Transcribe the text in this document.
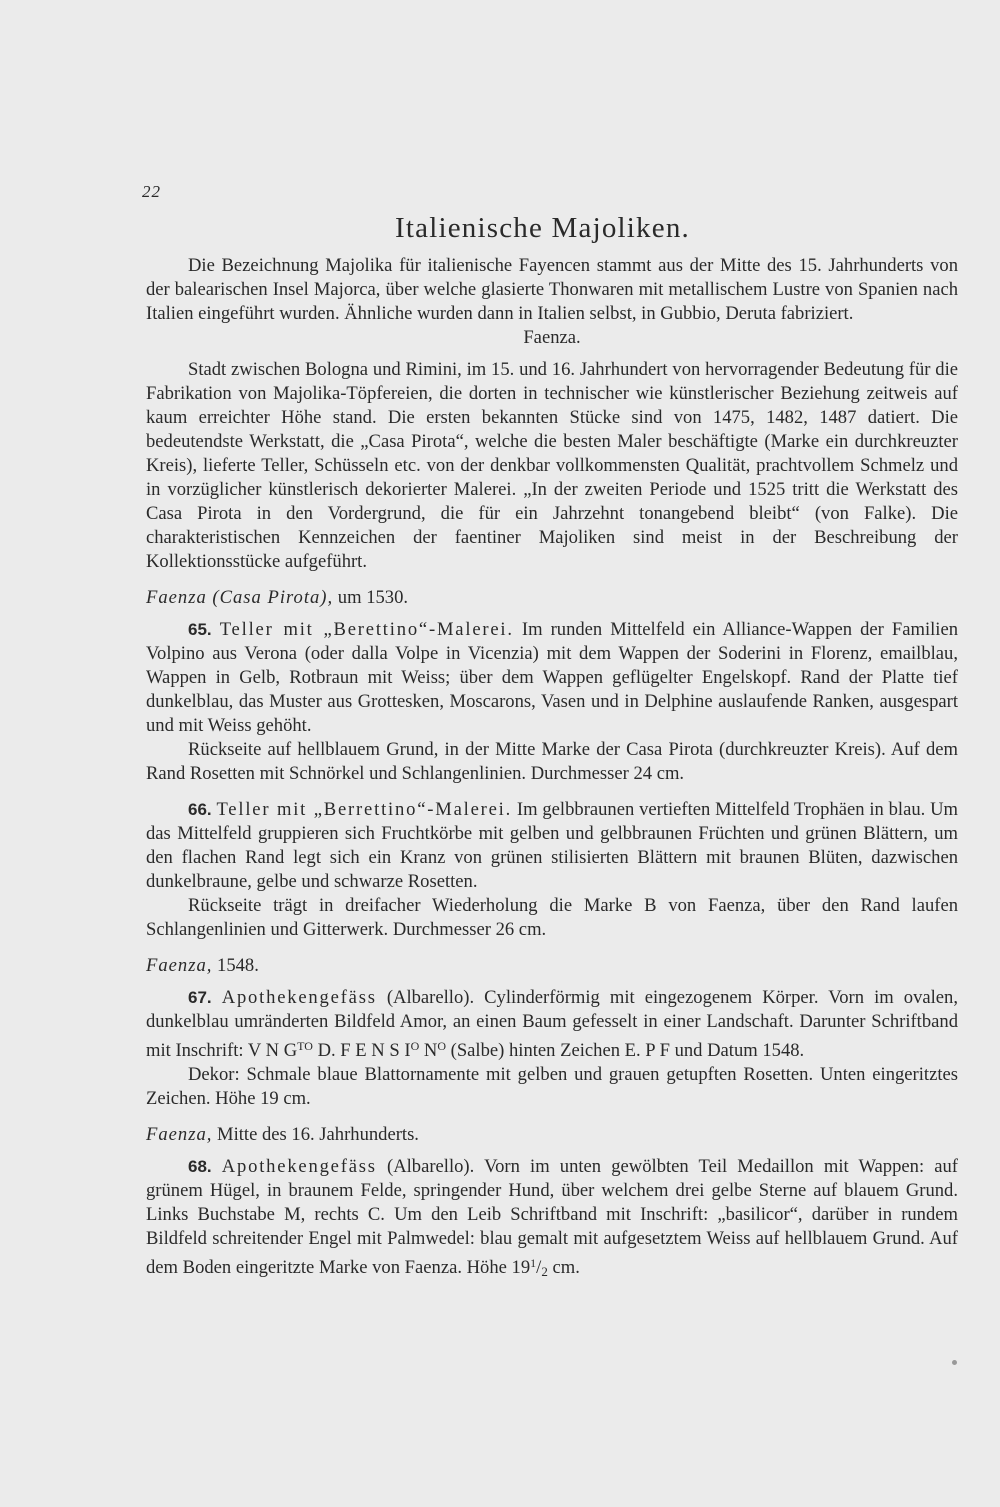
22
Italienische Majoliken.

Die Bezeichnung Majolika für italienische Fayencen stammt aus der Mitte des 15. Jahrhunderts von der balearischen Insel Majorca, über welche glasierte Thonwaren mit metallischem Lustre von Spanien nach Italien eingeführt wurden. Ähnliche wurden dann in Italien selbst, in Gubbio, Deruta fabriziert.

Faenza.

Stadt zwischen Bologna und Rimini, im 15. und 16. Jahrhundert von hervorragender Bedeutung für die Fabrikation von Majolika-Töpfereien, die dorten in technischer wie künstlerischer Beziehung zeitweis auf kaum erreichter Höhe stand. Die ersten bekannten Stücke sind von 1475, 1482, 1487 datiert. Die bedeutendste Werkstatt, die „Casa Pirota“, welche die besten Maler beschäftigte (Marke ein durchkreuzter Kreis), lieferte Teller, Schüsseln etc. von der denkbar vollkommensten Qualität, prachtvollem Schmelz und in vorzüglicher künstlerisch dekorierter Malerei. „In der zweiten Periode und 1525 tritt die Werkstatt des Casa Pirota in den Vordergrund, die für ein Jahrzehnt tonangebend bleibt“ (von Falke). Die charakteristischen Kennzeichen der faentiner Majoliken sind meist in der Beschreibung der Kollektionsstücke aufgeführt.

Faenza (Casa Pirota), um 1530.

65. Teller mit „Berettino“-Malerei. Im runden Mittelfeld ein Alliance-Wappen der Familien Volpino aus Verona (oder dalla Volpe in Vicenzia) mit dem Wappen der Soderini in Florenz, emailblau, Wappen in Gelb, Rotbraun mit Weiss; über dem Wappen geflügelter Engelskopf. Rand der Platte tief dunkelblau, das Muster aus Grottesken, Moscarons, Vasen und in Delphine auslaufende Ranken, ausgespart und mit Weiss gehöht.

Rückseite auf hellblauem Grund, in der Mitte Marke der Casa Pirota (durchkreuzter Kreis). Auf dem Rand Rosetten mit Schnörkel und Schlangenlinien. Durchmesser 24 cm.

66. Teller mit „Berrettino“-Malerei. Im gelbbraunen vertieften Mittelfeld Trophäen in blau. Um das Mittelfeld gruppieren sich Fruchtkörbe mit gelben und gelbbraunen Früchten und grünen Blättern, um den flachen Rand legt sich ein Kranz von grünen stilisierten Blättern mit braunen Blüten, dazwischen dunkelbraune, gelbe und schwarze Rosetten.

Rückseite trägt in dreifacher Wiederholung die Marke B von Faenza, über den Rand laufen Schlangenlinien und Gitterwerk. Durchmesser 26 cm.

Faenza, 1548.

67. Apothekengefäss (Albarello). Cylinderförmig mit eingezogenem Körper. Vorn im ovalen, dunkelblau umränderten Bildfeld Amor, an einen Baum gefesselt in einer Landschaft. Darunter Schriftband mit Inschrift: V N $G^{TO}$ D. F E N S $I^O$ $N^O$ (Salbe) hinten Zeichen E. P F und Datum 1548.

Dekor: Schmale blaue Blattornamente mit gelben und grauen getupften Rosetten. Unten eingeritztes Zeichen. Höhe 19 cm.

Faenza, Mitte des 16. Jahrhunderts.

68. Apothekengefäss (Albarello). Vorn im unten gewölbten Teil Medaillon mit Wappen: auf grünem Hügel, in braunem Felde, springender Hund, über welchem drei gelbe Sterne auf blauem Grund. Links Buchstabe M, rechts C. Um den Leib Schriftband mit Inschrift: „basilicor“, darüber in rundem Bildfeld schreitender Engel mit Palmwedel: blau gemalt mit aufgesetztem Weiss auf hellblauem Grund. Auf dem Boden eingeritzte Marke von Faenza. Höhe $19^1/_2$ cm.
